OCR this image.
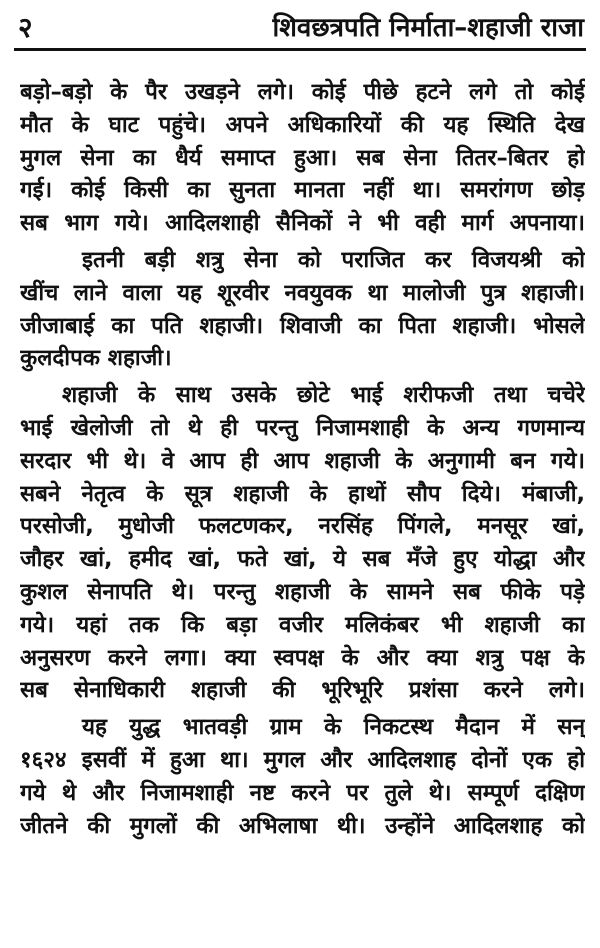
२	शिवछत्रपति निर्माता–शहाजी राजा
बड़ो–बड़ो के पैर उखड़ने लगे। कोई पीछे हटने लगे तो कोई
मौत के घाट पहुंचे। अपने अधिकारियों की यह स्थिति देख
मुगल सेना का धैर्य समाप्त हुआ। सब सेना तितर–बितर हो
गई। कोई किसी का सुनता मानता नहीं था। समरांगण छोड़
सब भाग गये। आदिलशाही सैनिकों ने भी वही मार्ग अपनाया।
इतनी बड़ी शत्रु सेना को पराजित कर विजयश्री को
खींच लाने वाला यह शूरवीर नवयुवक था मालोजी पुत्र शहाजी।
जीजाबाई का पति शहाजी। शिवाजी का पिता शहाजी। भोसले
कुलदीपक शहाजी।
शहाजी के साथ उसके छोटे भाई शरीफजी तथा चचेरे
भाई खेलोजी तो थे ही परन्तु निजामशाही के अन्य गणमान्य
सरदार भी थे। वे आप ही आप शहाजी के अनुगामी बन गये।
सबने नेतृत्व के सूत्र शहाजी के हाथों सौप दिये। मंबाजी,
परसोजी, मुधोजी फलटणकर, नरसिंह पिंगले, मनसूर खां,
जौहर खां, हमीद खां, फते खां, ये सब मँजे हुए योद्धा और
कुशल सेनापति थे। परन्तु शहाजी के सामने सब फीके पड़े
गये। यहां तक कि बड़ा वजीर मलिकंबर भी शहाजी का
अनुसरण करने लगा। क्या स्वपक्ष के और क्या शत्रु पक्ष के
सब सेनाधिकारी शहाजी की भूरिभूरि प्रशंसा करने लगे।
यह युद्ध भातवड़ी ग्राम के निकटस्थ मैदान में सन्
१६२४ इसवीं में हुआ था। मुगल और आदिलशाह दोनों एक हो
गये थे और निजामशाही नष्ट करने पर तुले थे। सम्पूर्ण दक्षिण
जीतने की मुगलों की अभिलाषा थी। उन्होंने आदिलशाह को
